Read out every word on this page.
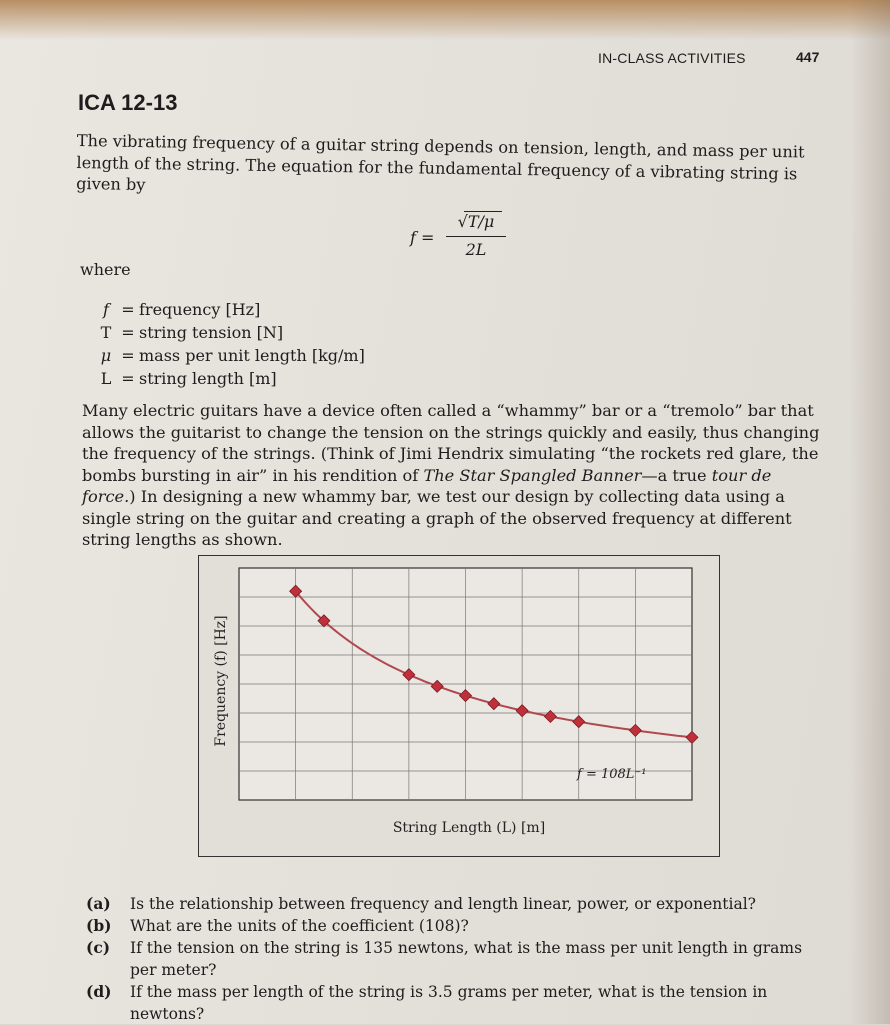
IN-CLASS ACTIVITIES	447
ICA 12-13
The vibrating frequency of a guitar string depends on tension, length, and mass per unit length of the string. The equation for the fundamental frequency of a vibrating string is given by
f =
√T/μ
2L
where
f = frequency [Hz]
T = string tension [N]
μ = mass per unit length [kg/m]
L = string length [m]
Many electric guitars have a device often called a “whammy” bar or a “tremolo” bar that allows the guitarist to change the tension on the strings quickly and easily, thus changing the frequency of the strings. (Think of Jimi Hendrix simulating “the rockets red glare, the bombs bursting in air” in his rendition of The Star Spangled Banner—a true tour de force.) In designing a new whammy bar, we test our design by collecting data using a single string on the guitar and creating a graph of the observed frequency at different string lengths as shown.
Frequency (f) [Hz]
String Length (L) [m]
f = 108L⁻¹
(a)	Is the relationship between frequency and length linear, power, or exponential?
(b)	What are the units of the coefficient (108)?
(c)	If the tension on the string is 135 newtons, what is the mass per unit length in grams per meter?
(d)	If the mass per length of the string is 3.5 grams per meter, what is the tension in newtons?
